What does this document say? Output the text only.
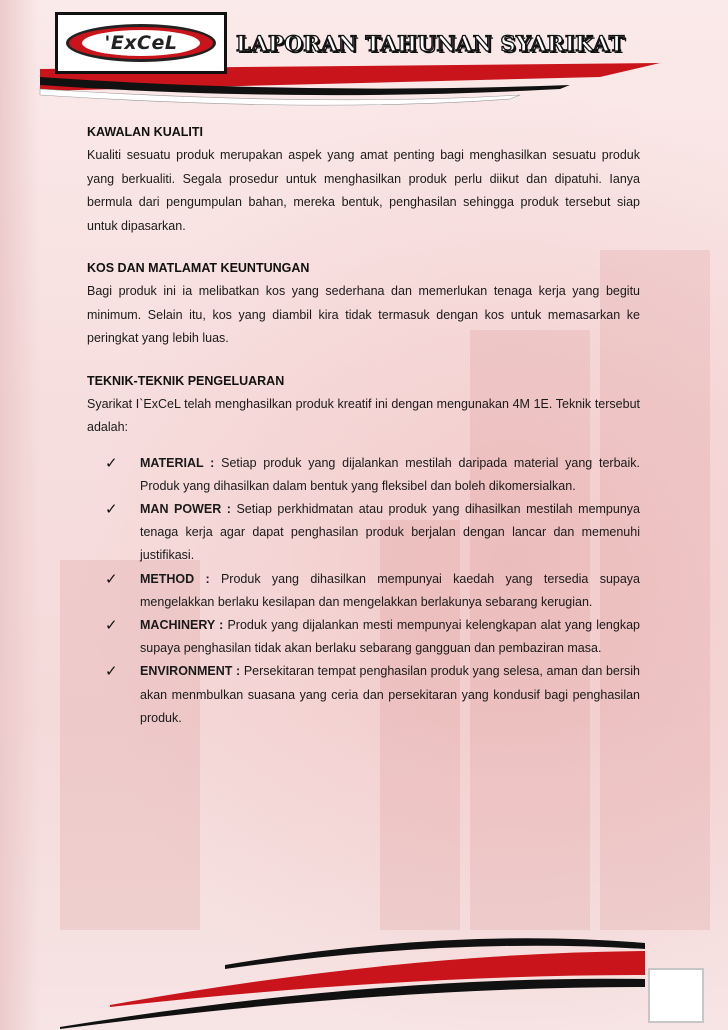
'ExCeL	LAPORAN TAHUNAN SYARIKAT
KAWALAN KUALITI

Kualiti sesuatu produk merupakan aspek yang amat penting bagi menghasilkan sesuatu produk yang berkualiti. Segala prosedur untuk menghasilkan produk perlu diikut dan dipatuhi. Ianya bermula dari pengumpulan bahan, mereka bentuk, penghasilan sehingga produk tersebut siap untuk dipasarkan.

KOS DAN MATLAMAT KEUNTUNGAN

Bagi produk ini ia melibatkan kos yang sederhana dan memerlukan tenaga kerja yang begitu minimum. Selain itu, kos yang diambil kira tidak termasuk dengan kos untuk memasarkan ke peringkat yang lebih luas.

TEKNIK-TEKNIK PENGELUARAN

Syarikat I`ExCeL telah menghasilkan produk kreatif ini dengan mengunakan 4M 1E. Teknik tersebut adalah:

✓ MATERIAL : Setiap produk yang dijalankan mestilah daripada material yang terbaik. Produk yang dihasilkan dalam bentuk yang fleksibel dan boleh dikomersialkan.
✓ MAN POWER : Setiap perkhidmatan atau produk yang dihasilkan mestilah mempunya tenaga kerja agar dapat penghasilan produk berjalan dengan lancar dan memenuhi justifikasi.
✓ METHOD : Produk yang dihasilkan mempunyai kaedah yang tersedia supaya mengelakkan berlaku kesilapan dan mengelakkan berlakunya sebarang kerugian.
✓ MACHINERY : Produk yang dijalankan mesti mempunyai kelengkapan alat yang lengkap supaya penghasilan tidak akan berlaku sebarang gangguan dan pembaziran masa.
✓ ENVIRONMENT : Persekitaran tempat penghasilan produk yang selesa, aman dan bersih akan menmbulkan suasana yang ceria dan persekitaran yang kondusif bagi penghasilan produk.
